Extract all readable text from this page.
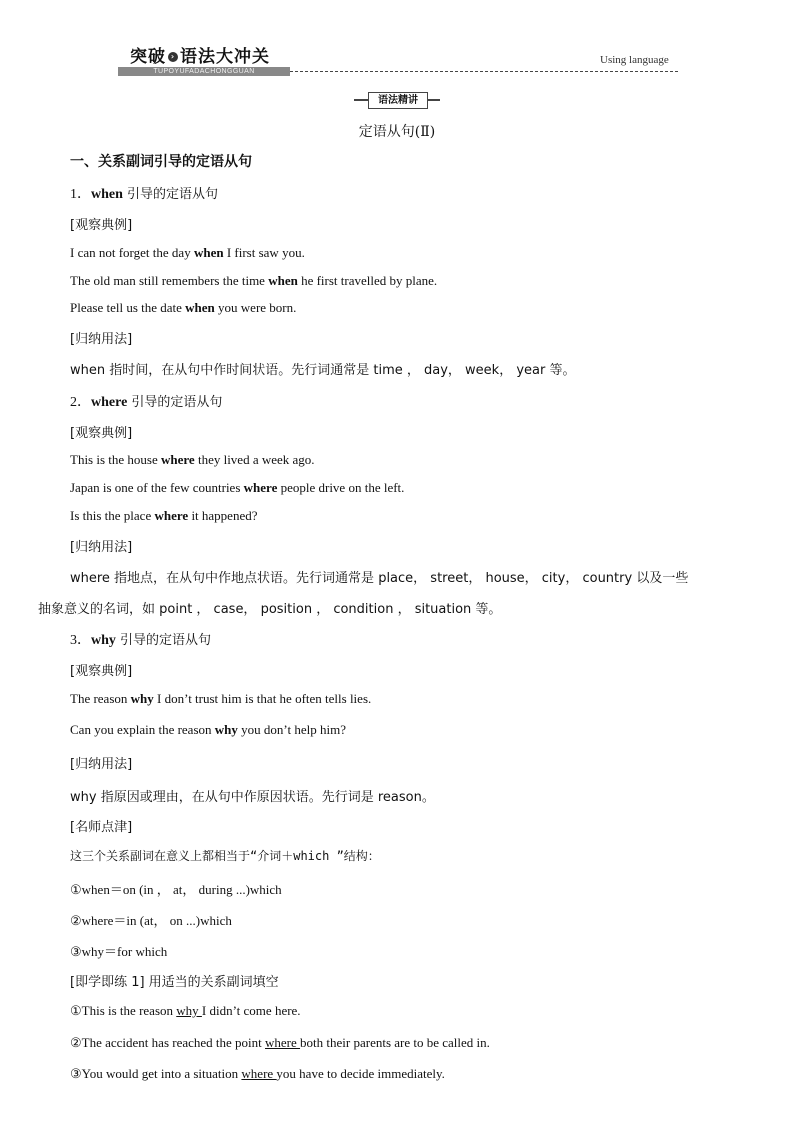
突破 › 语法大冲关
TUPOYUFADACHONGGUAN
Using language
语法精讲
定语从句(Ⅱ)
一、关系副词引导的定语从句
1．when 引导的定语从句
[观察典例]
I can not forget the day when I first saw you.
The old man still remembers the time when he first travelled by plane.
Please tell us the date when you were born.
[归纳用法]
when 指时间，在从句中作时间状语。先行词通常是 time ， day， week， year 等。
2．where 引导的定语从句
[观察典例]
This is the house where they lived a week ago.
Japan is one of the few countries where people drive on the left.
Is this the place where it happened?
[归纳用法]
where 指地点，在从句中作地点状语。先行词通常是 place， street， house， city， country 以及一些
抽象意义的名词，如 point ， case， position ， condition ， situation 等。
3．why 引导的定语从句
[观察典例]
The reason why I don’t trust him is that he often tells lies.
Can you explain the reason why you don’t help him?
[归纳用法]
why 指原因或理由，在从句中作原因状语。先行词是 reason。
[名师点津]
这三个关系副词在意义上都相当于“介词＋which ”结构：
①when＝on (in ， at， during ...)which
②where＝in (at， on ...)which
③why＝for which
[即学即练 1] 用适当的关系副词填空
①This is the reason why I didn’t come here.
②The accident has reached the point where both their parents are to be called in.
③You would get into a situation where you have to decide immediately.
